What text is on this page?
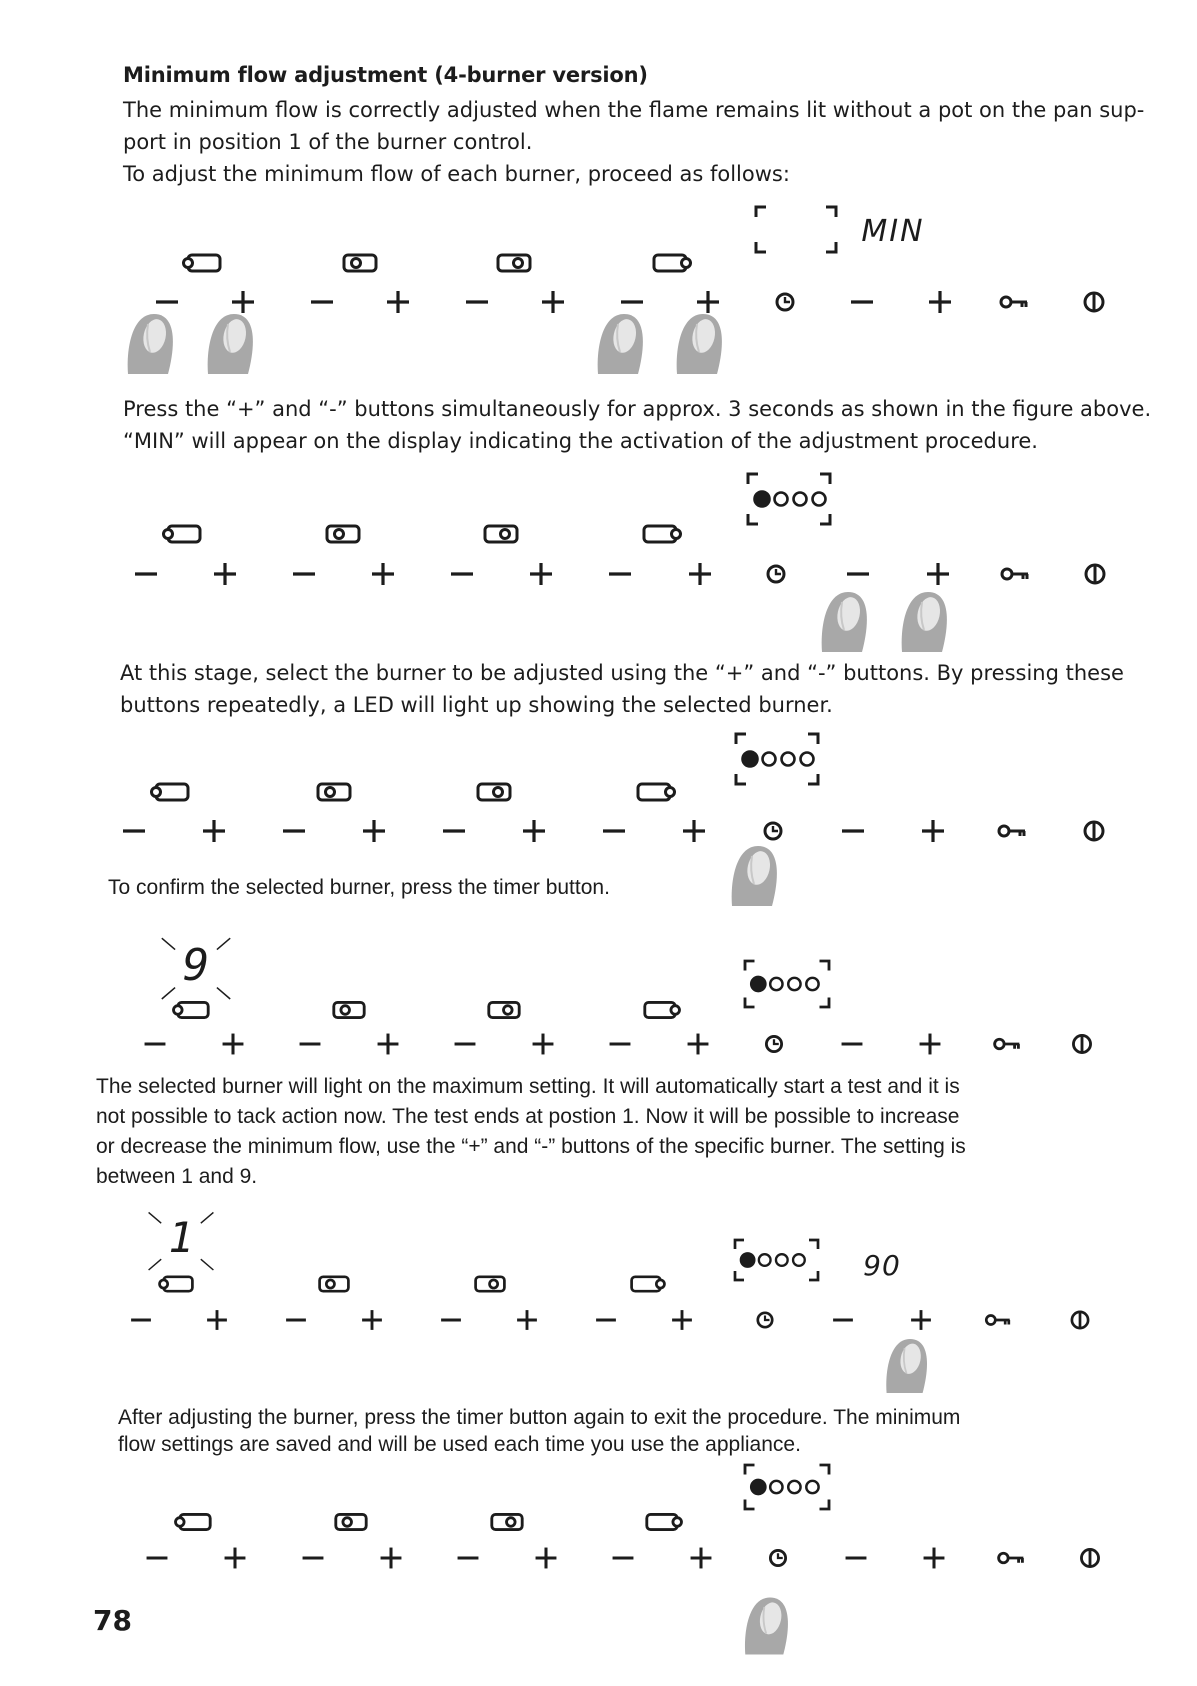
Minimum flow adjustment (4-burner version)
The minimum flow is correctly adjusted when the flame remains lit without a pot on the pan sup-
port in position 1 of the burner control.
To adjust the minimum flow of each burner, proceed as follows:
MIN
Press the “+” and “-” buttons simultaneously for approx. 3 seconds as shown in the figure above.
“MIN” will appear on the display indicating the activation of the adjustment procedure.
At this stage, select the burner to be adjusted using the “+” and “-” buttons. By pressing these
buttons repeatedly, a LED will light up showing the selected burner.
To confirm the selected burner, press the timer button.
9
The selected burner will light on the maximum setting. It will automatically start a test and it is
not possible to tack action now. The test ends at postion 1. Now it will be possible to increase
or decrease the minimum flow, use the “+” and “-” buttons of the specific burner. The setting is
between 1 and 9.
90
1
After adjusting the burner, press the timer button again to exit the procedure. The minimum
flow settings are saved and will be used each time you use the appliance.
78
